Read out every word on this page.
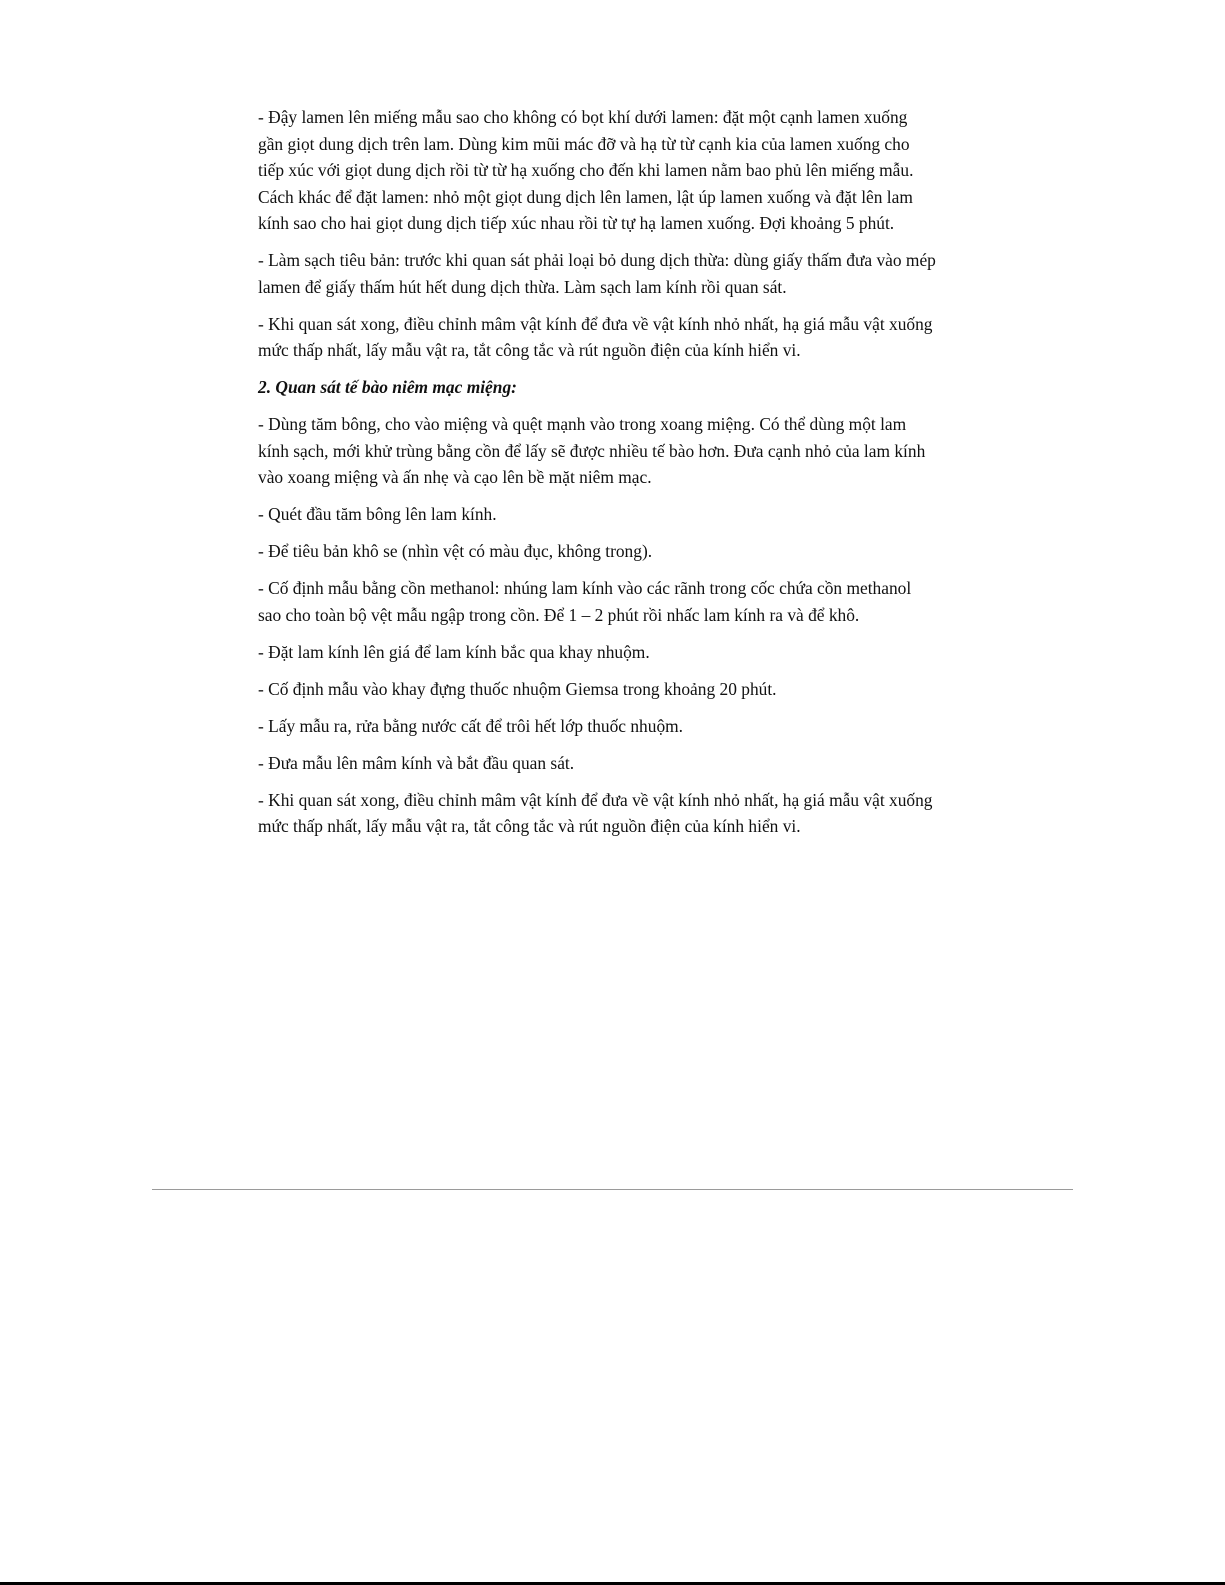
- Đậy lamen lên miếng mẫu sao cho không có bọt khí dưới lamen: đặt một cạnh lamen xuống
gần giọt dung dịch trên lam. Dùng kim mũi mác đỡ và hạ từ từ cạnh kia của lamen xuống cho
tiếp xúc với giọt dung dịch rồi từ từ hạ xuống cho đến khi lamen nằm bao phủ lên miếng mẫu.
Cách khác để đặt lamen: nhỏ một giọt dung dịch lên lamen, lật úp lamen xuống và đặt lên lam
kính sao cho hai giọt dung dịch tiếp xúc nhau rồi từ tự hạ lamen xuống. Đợi khoảng 5 phút.

- Làm sạch tiêu bản: trước khi quan sát phải loại bỏ dung dịch thừa: dùng giấy thấm đưa vào mép
lamen để giấy thấm hút hết dung dịch thừa. Làm sạch lam kính rồi quan sát.

- Khi quan sát xong, điều chỉnh mâm vật kính để đưa về vật kính nhỏ nhất, hạ giá mẫu vật xuống
mức thấp nhất, lấy mẫu vật ra, tắt công tắc và rút nguồn điện của kính hiển vi.

2. Quan sát tế bào niêm mạc miệng:

- Dùng tăm bông, cho vào miệng và quệt mạnh vào trong xoang miệng. Có thể dùng một lam
kính sạch, mới khử trùng bằng cồn để lấy sẽ được nhiều tế bào hơn. Đưa cạnh nhỏ của lam kính
vào xoang miệng và ấn nhẹ và cạo lên bề mặt niêm mạc.

- Quét đầu tăm bông lên lam kính.

- Để tiêu bản khô se (nhìn vệt có màu đục, không trong).

- Cố định mẫu bằng cồn methanol: nhúng lam kính vào các rãnh trong cốc chứa cồn methanol
sao cho toàn bộ vệt mẫu ngập trong cồn. Để 1 – 2 phút rồi nhấc lam kính ra và để khô.

- Đặt lam kính lên giá để lam kính bắc qua khay nhuộm.

- Cố định mẫu vào khay đựng thuốc nhuộm Giemsa trong khoảng 20 phút.

- Lấy mẫu ra, rửa bằng nước cất để trôi hết lớp thuốc nhuộm.

- Đưa mẫu lên mâm kính và bắt đầu quan sát.

- Khi quan sát xong, điều chỉnh mâm vật kính để đưa về vật kính nhỏ nhất, hạ giá mẫu vật xuống
mức thấp nhất, lấy mẫu vật ra, tắt công tắc và rút nguồn điện của kính hiển vi.
